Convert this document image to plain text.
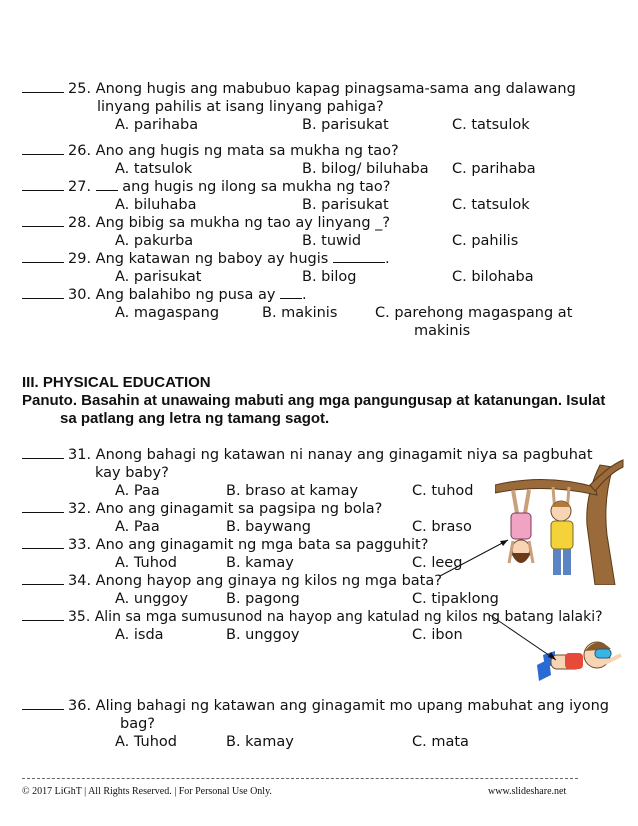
25. Anong hugis ang mabubuo kapag pinagsama-sama ang dalawang
linyang pahilis at isang linyang pahiga?
A. parihaba	B. parisukat	C. tatsulok
26. Ano ang hugis ng mata sa mukha ng tao?
A. tatsulok	B. bilog/ biluhaba C. parihaba
27. ang hugis ng ilong sa mukha ng tao?
A. biluhaba	B. parisukat	C. tatsulok
28. Ang bibig sa mukha ng tao ay linyang _?
A. pakurba	B. tuwid	C. pahilis
29. Ang katawan ng baboy ay hugis	.
A. parisukat	B. bilog	C. bilohaba
30. Ang balahibo ng pusa ay .
A. magaspang	B. makinis	C. parehong magaspang at
makinis
III. PHYSICAL EDUCATION
Panuto. Basahin at unawaing mabuti ang mga pangungusap at katanungan. Isulat
sa patlang ang letra ng tamang sagot.
31. Anong bahagi ng katawan ni nanay ang ginagamit niya sa pagbuhat
kay baby?
A. Paa	B. braso at kamay	C. tuhod
32. Ano ang ginagamit sa pagsipa ng bola?
A. Paa	B. baywang	C. braso
33. Ano ang ginagamit ng mga bata sa pagguhit?
A. Tuhod	B. kamay	C. leeg
34. Anong hayop ang ginaya ng kilos ng mga bata?
A. unggoy	B. pagong	C. tipaklong
35. Alin sa mga sumusunod na hayop ang katulad ng kilos ng batang lalaki?
A. isda	B. unggoy	C. ibon
36. Aling bahagi ng katawan ang ginagamit mo upang mabuhat ang iyong
bag?
A. Tuhod	B. kamay	C. mata
© 2017 LiGhT | All Rights Reserved. | For Personal Use Only.	www.slideshare.net
